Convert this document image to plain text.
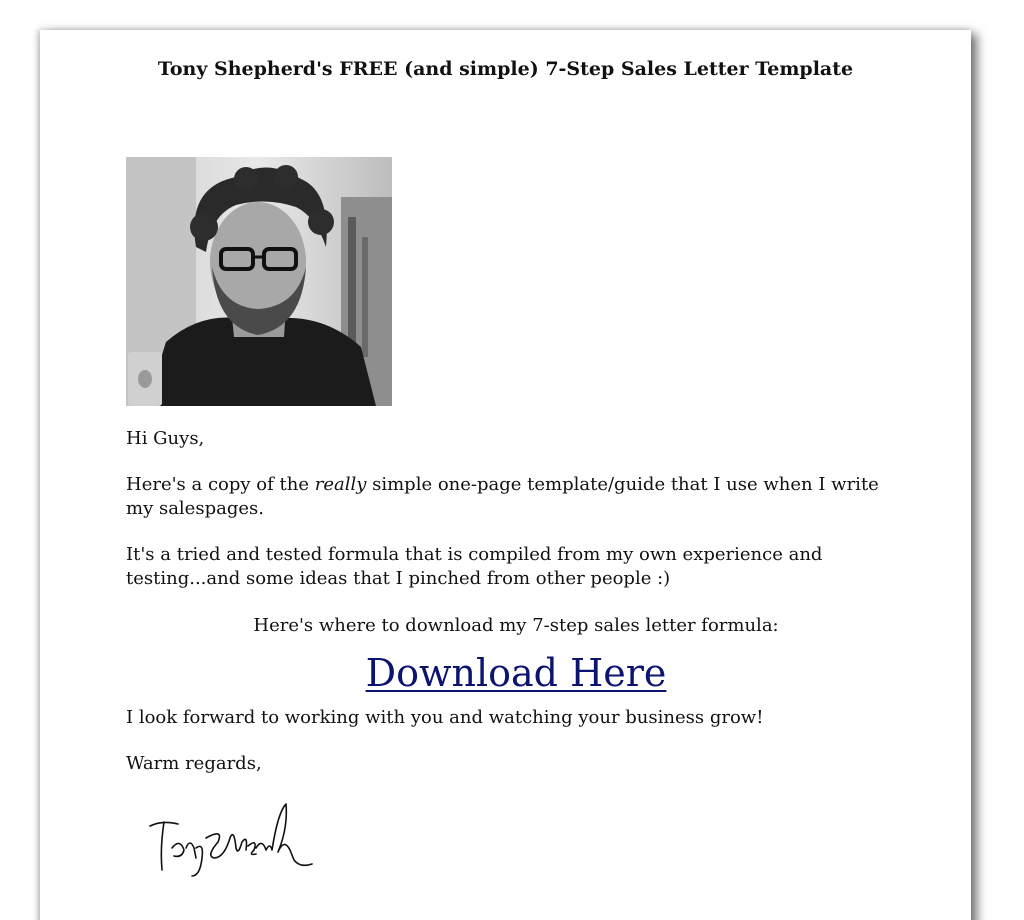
Tony Shepherd's FREE (and simple) 7-Step Sales Letter Template

Hi Guys,

Here's a copy of the really simple one-page template/guide that I use when I write my salespages.

It's a tried and tested formula that is compiled from my own experience and testing...and some ideas that I pinched from other people :)

Here's where to download my 7-step sales letter formula:

Download Here

I look forward to working with you and watching your business grow!

Warm regards,
